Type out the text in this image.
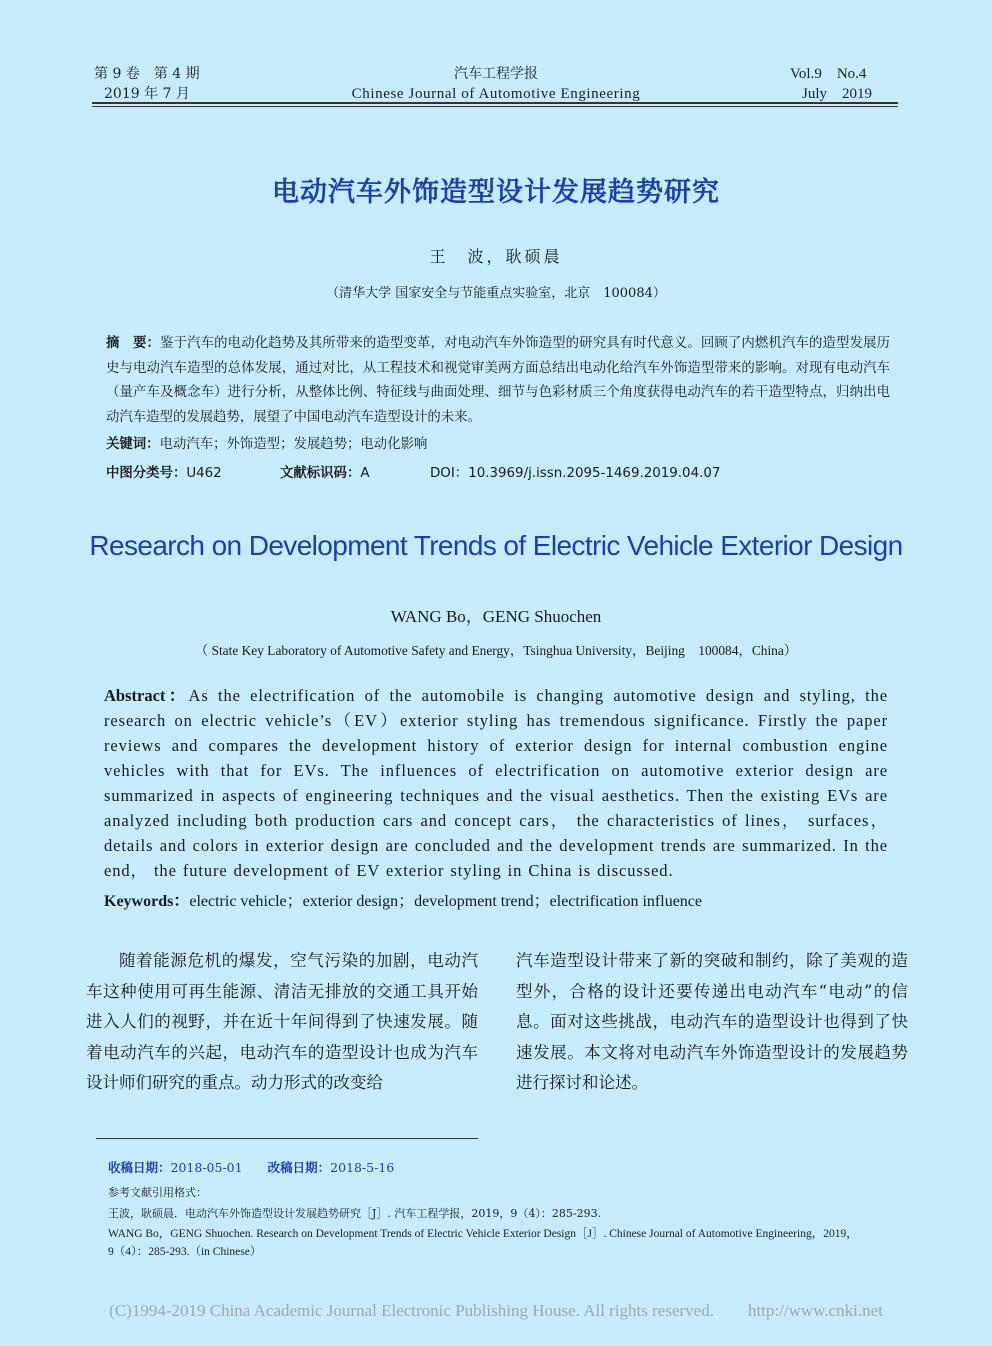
第 9 卷　第 4 期
2019 年 7 月
汽车工程学报
Chinese Journal of Automotive Engineering
Vol.9　No.4
July　2019
电动汽车外饰造型设计发展趋势研究
王　波，耿硕晨
（清华大学 国家安全与节能重点实验室，北京　100084）
摘　要：鉴于汽车的电动化趋势及其所带来的造型变革，对电动汽车外饰造型的研究具有时代意义。回顾了内燃机汽车的造型发展历史与电动汽车造型的总体发展，通过对比，从工程技术和视觉审美两方面总结出电动化给汽车外饰造型带来的影响。对现有电动汽车（量产车及概念车）进行分析，从整体比例、特征线与曲面处理、细节与色彩材质三个角度获得电动汽车的若干造型特点，归纳出电动汽车造型的发展趋势，展望了中国电动汽车造型设计的未来。
关键词：电动汽车；外饰造型；发展趋势；电动化影响
中图分类号：U462	文献标识码：A	DOI：10.3969/j.issn.2095-1469.2019.04.07
Research on Development Trends of Electric Vehicle Exterior Design
WANG Bo，GENG Shuochen
（ State Key Laboratory of Automotive Safety and Energy，Tsinghua University，Beijing　100084，China）
Abstract：As the electrification of the automobile is changing automotive design and styling, the research on electric vehicle’s（EV）exterior styling has tremendous significance. Firstly the paper reviews and compares the development history of exterior design for internal combustion engine vehicles with that for EVs. The influences of electrification on automotive exterior design are summarized in aspects of engineering techniques and the visual aesthetics. Then the existing EVs are analyzed including both production cars and concept cars， the characteristics of lines， surfaces，details and colors in exterior design are concluded and the development trends are summarized. In the end， the future development of EV exterior styling in China is discussed.
Keywords：electric vehicle；exterior design；development trend；electrification influence
随着能源危机的爆发，空气污染的加剧，电动汽车这种使用可再生能源、清洁无排放的交通工具开始进入人们的视野，并在近十年间得到了快速发展。随着电动汽车的兴起，电动汽车的造型设计也成为汽车设计师们研究的重点。动力形式的改变给
汽车造型设计带来了新的突破和制约，除了美观的造型外，合格的设计还要传递出电动汽车“电动”的信息。面对这些挑战，电动汽车的造型设计也得到了快速发展。本文将对电动汽车外饰造型设计的发展趋势进行探讨和论述。
收稿日期：2018-05-01　　 改稿日期：2018-5-16
参考文献引用格式：
王波，耿硕晨．电动汽车外饰造型设计发展趋势研究［J］. 汽车工程学报，2019，9（4）：285-293.
WANG Bo，GENG Shuochen. Research on Development Trends of Electric Vehicle Exterior Design［J］. Chinese Journal of Automotive Engineering，2019，
9（4）：285-293.（in Chinese）
(C)1994-2019 China Academic Journal Electronic Publishing House. All rights reserved.　　http://www.cnki.net
